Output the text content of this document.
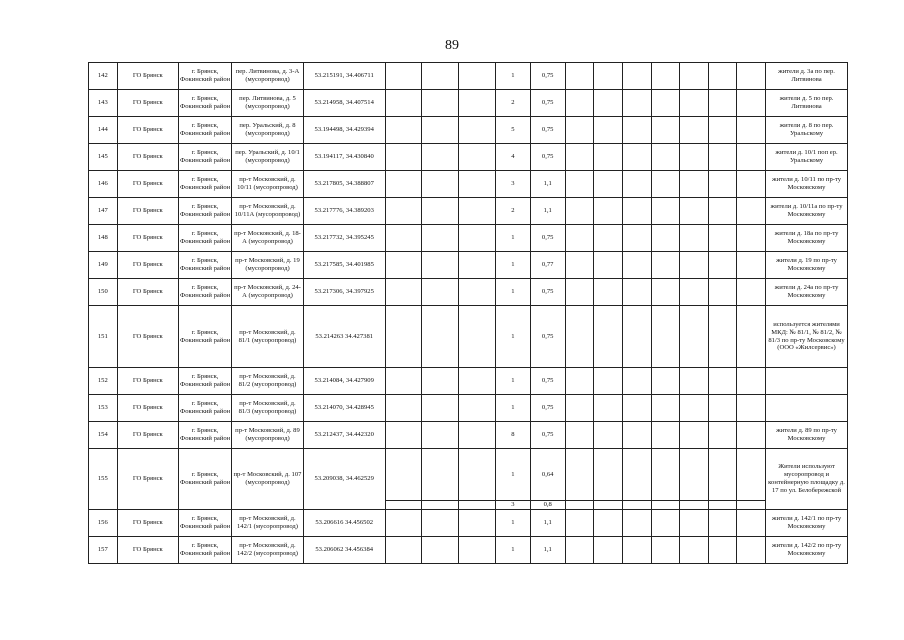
89
142	ГО Брянск	г. Брянск, Фокинский район	пер. Литвинова, д. 3-А (мусоропровод)	53.215191, 34.406711				1	0,75								жители д. 3а по пер. Литвинова
143	ГО Брянск	г. Брянск, Фокинский район	пер. Литвинова, д. 5 (мусоропровод)	53.214958, 34.407514				2	0,75								жители д. 5 по пер. Литвинова
144	ГО Брянск	г. Брянск, Фокинский район	пер. Уральский, д. 8 (мусоропровод)	53.194498, 34.429394				5	0,75								жители д. 8 по пер. Уральскому
145	ГО Брянск	г. Брянск, Фокинский район	пер. Уральский, д. 10/1 (мусоропровод)	53.194117, 34.430840				4	0,75								жители д. 10/1 поп ер. Уральскому
146	ГО Брянск	г. Брянск, Фокинский район	пр-т Московский, д. 10/11 (мусоропровод)	53.217805, 34.388807				3	1,1								жители д. 10/11 по пр-ту Московскому
147	ГО Брянск	г. Брянск, Фокинский район	пр-т Московский, д. 10/11А (мусоропровод)	53.217776, 34.389203				2	1,1								жители д. 10/11а по пр-ту Московскому
148	ГО Брянск	г. Брянск, Фокинский район	пр-т Московский, д. 18-А (мусоропровод)	53.217732, 34.395245				1	0,75								жители д. 18а по пр-ту Московскому
149	ГО Брянск	г. Брянск, Фокинский район	пр-т Московский, д. 19 (мусоропровод)	53.217585, 34.401985				1	0,77								жители д. 19 по пр-ту Московскому
150	ГО Брянск	г. Брянск, Фокинский район	пр-т Московский, д. 24-А (мусоропровод)	53.217306, 34.397925				1	0,75								жители д. 24а по пр-ту Московскому
151	ГО Брянск	г. Брянск, Фокинский район	пр-т Московский, д. 81/1 (мусоропровод)	53.214263 34.427381				1	0,75								используется жителями МКД: № 81/1, № 81/2, № 81/3 по пр-ту Московскому (ООО «Жилсервис»)
152	ГО Брянск	г. Брянск, Фокинский район	пр-т Московский, д. 81/2 (мусоропровод)	53.214084, 34.427909				1	0,75								
153	ГО Брянск	г. Брянск, Фокинский район	пр-т Московский, д. 81/3 (мусоропровод)	53.214070, 34.428945				1	0,75								
154	ГО Брянск	г. Брянск, Фокинский район	пр-т Московский, д. 89 (мусоропровод)	53.212437, 34.442320				8	0,75								жители д. 89 по пр-ту Московскому
155	ГО Брянск	г. Брянск, Фокинский район	пр-т Московский, д. 107 (мусоропровод)	53.209038, 34.462529				1	0,64								Жители используют мусоропровод и контейнерную площадку д. 17 по ул. Белобережской
								3	0,8								
156	ГО Брянск	г. Брянск, Фокинский район	пр-т Московский, д. 142/1 (мусоропровод)	53.206616 34.456502				1	1,1								жители д. 142/1 по пр-ту Московскому
157	ГО Брянск	г. Брянск, Фокинский район	пр-т Московский, д. 142/2 (мусоропровод)	53.206062 34.456384				1	1,1								жители д. 142/2 по пр-ту Московскому
